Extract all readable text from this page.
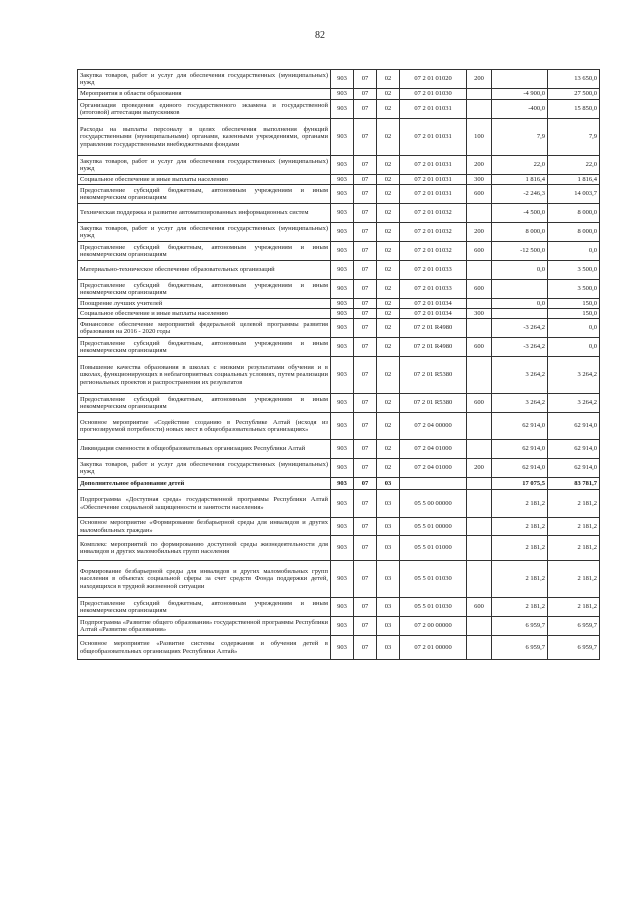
82
Закупка товаров, работ и услуг для обеспечения государственных (муниципальных) нужд	903	07	02	07 2 01 01020	200		13 650,0
Мероприятия в области образования	903	07	02	07 2 01 01030		-4 900,0	27 500,0
Организация проведения единого государственного экзамена и государственной (итоговой) аттестации выпускников	903	07	02	07 2 01 01031		-400,0	15 850,0
Расходы на выплаты персоналу в целях обеспечения выполнения функций государственными (муниципальными) органами, казенными учреждениями, органами управления государственными внебюджетными фондами	903	07	02	07 2 01 01031	100	7,9	7,9
Закупка товаров, работ и услуг для обеспечения государственных (муниципальных) нужд	903	07	02	07 2 01 01031	200	22,0	22,0
Социальное обеспечение и иные выплаты населению	903	07	02	07 2 01 01031	300	1 816,4	1 816,4
Предоставление субсидий бюджетным, автономным учреждениям и иным некоммерческим организациям	903	07	02	07 2 01 01031	600	-2 246,3	14 003,7
Техническая поддержка и развитие автоматизированных информационных систем	903	07	02	07 2 01 01032		-4 500,0	8 000,0
Закупка товаров, работ и услуг для обеспечения государственных (муниципальных) нужд	903	07	02	07 2 01 01032	200	8 000,0	8 000,0
Предоставление субсидий бюджетным, автономным учреждениям и иным некоммерческим организациям	903	07	02	07 2 01 01032	600	-12 500,0	0,0
Материально-техническое обеспечение образовательных организаций	903	07	02	07 2 01 01033		0,0	3 500,0
Предоставление субсидий бюджетным, автономным учреждениям и иным некоммерческим организациям	903	07	02	07 2 01 01033	600		3 500,0
Поощрение лучших учителей	903	07	02	07 2 01 01034		0,0	150,0
Социальное обеспечение и иные выплаты населению	903	07	02	07 2 01 01034	300		150,0
Финансовое обеспечение мероприятий федеральной целевой программы развития образования на 2016 - 2020 годы	903	07	02	07 2 01 R4980		-3 264,2	0,0
Предоставление субсидий бюджетным, автономным учреждениям и иным некоммерческим организациям	903	07	02	07 2 01 R4980	600	-3 264,2	0,0
Повышение качества образования в школах с низкими результатами обучения и в школах, функционирующих в неблагоприятных социальных условиях, путем реализации региональных проектов и распространения их результатов	903	07	02	07 2 01 R5380		3 264,2	3 264,2
Предоставление субсидий бюджетным, автономным учреждениям и иным некоммерческим организациям	903	07	02	07 2 01 R5380	600	3 264,2	3 264,2
Основное мероприятие «Содействие созданию в Республике Алтай (исходя из прогнозируемой потребности) новых мест в общеобразовательных организациях»	903	07	02	07 2 04 00000		62 914,0	62 914,0
Ликвидация сменности в общеобразовательных организациях Республики Алтай	903	07	02	07 2 04 01000		62 914,0	62 914,0
Закупка товаров, работ и услуг для обеспечения государственных (муниципальных) нужд	903	07	02	07 2 04 01000	200	62 914,0	62 914,0
Дополнительное образование детей	903	07	03			17 075,5	83 781,7
Подпрограмма «Доступная среда» государственной программы Республики Алтай «Обеспечение социальной защищенности и занятости населения»	903	07	03	05 5 00 00000		2 181,2	2 181,2
Основное мероприятие «Формирование безбарьерной среды для инвалидов и других маломобильных граждан»	903	07	03	05 5 01 00000		2 181,2	2 181,2
Комплекс мероприятий по формированию доступной среды жизнедеятельности для инвалидов и других маломобильных групп населения	903	07	03	05 5 01 01000		2 181,2	2 181,2
Формирование безбарьерной среды для инвалидов и других маломобильных групп населения в объектах социальной сферы за счет средств Фонда поддержки детей, находящихся в трудной жизненной ситуации	903	07	03	05 5 01 01030		2 181,2	2 181,2
Предоставление субсидий бюджетным, автономным учреждениям и иным некоммерческим организациям	903	07	03	05 5 01 01030	600	2 181,2	2 181,2
Подпрограмма «Развитие общего образования» государственной программы Республики Алтай «Развитие образования»	903	07	03	07 2 00 00000		6 959,7	6 959,7
Основное мероприятие «Развитие системы содержания и обучения детей в общеобразовательных организациях Республики Алтай»	903	07	03	07 2 01 00000		6 959,7	6 959,7
